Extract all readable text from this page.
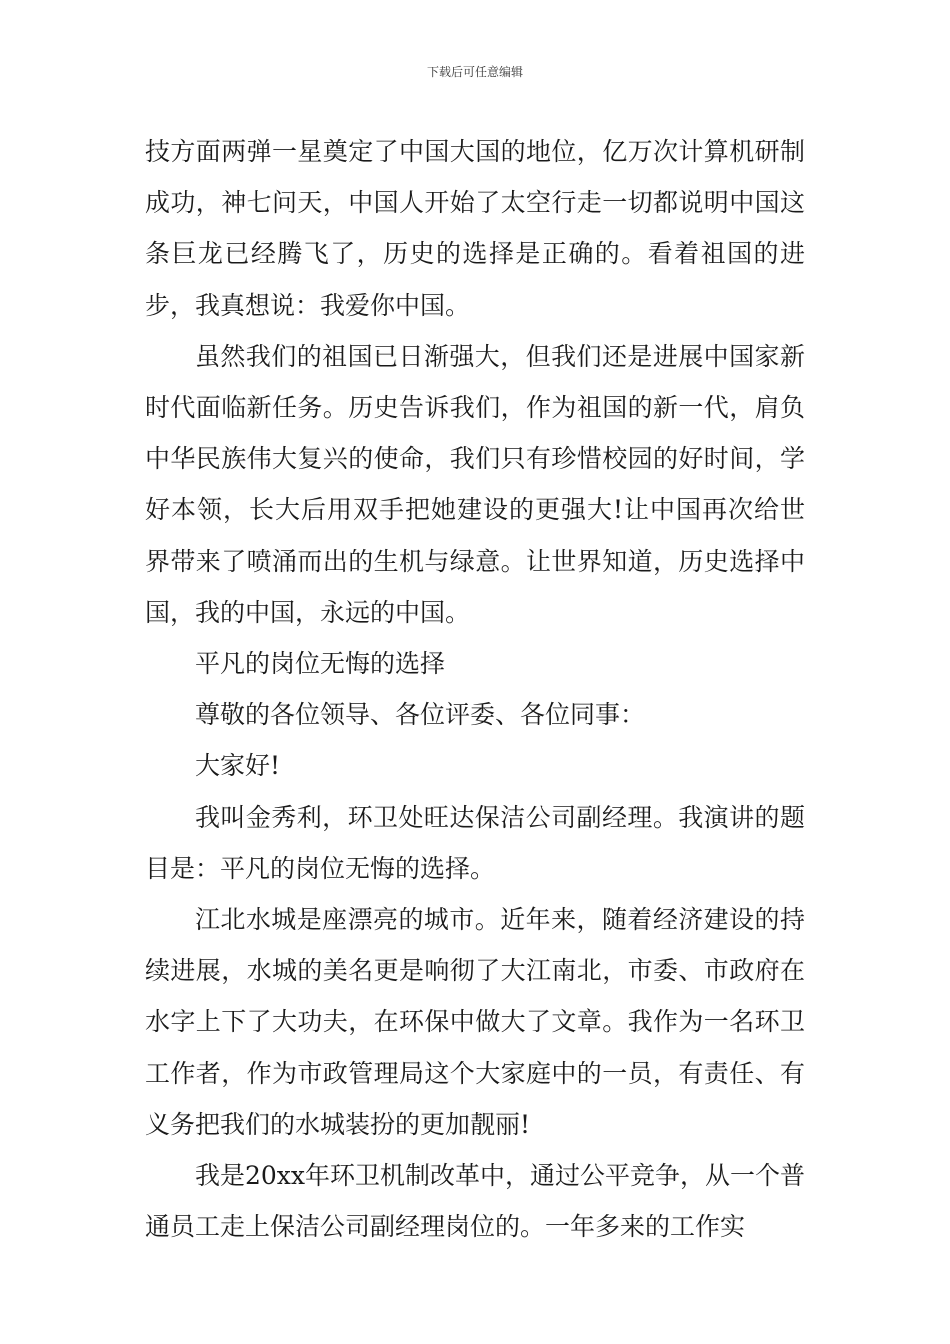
下载后可任意编辑

技方面两弹一星奠定了中国大国的地位，亿万次计算机研制成功，神七问天，中国人开始了太空行走一切都说明中国这条巨龙已经腾飞了，历史的选择是正确的。看着祖国的进步，我真想说：我爱你中国。

虽然我们的祖国已日渐强大，但我们还是进展中国家新时代面临新任务。历史告诉我们，作为祖国的新一代，肩负中华民族伟大复兴的使命，我们只有珍惜校园的好时间，学好本领，长大后用双手把她建设的更强大!让中国再次给世界带来了喷涌而出的生机与绿意。让世界知道，历史选择中国，我的中国，永远的中国。

平凡的岗位无悔的选择

尊敬的各位领导、各位评委、各位同事：

大家好!

我叫金秀利，环卫处旺达保洁公司副经理。我演讲的题目是：平凡的岗位无悔的选择。

江北水城是座漂亮的城市。近年来，随着经济建设的持续进展，水城的美名更是响彻了大江南北，市委、市政府在水字上下了大功夫，在环保中做大了文章。我作为一名环卫工作者，作为市政管理局这个大家庭中的一员，有责任、有义务把我们的水城装扮的更加靓丽!

我是20xx年环卫机制改革中，通过公平竞争，从一个普通员工走上保洁公司副经理岗位的。一年多来的工作实
